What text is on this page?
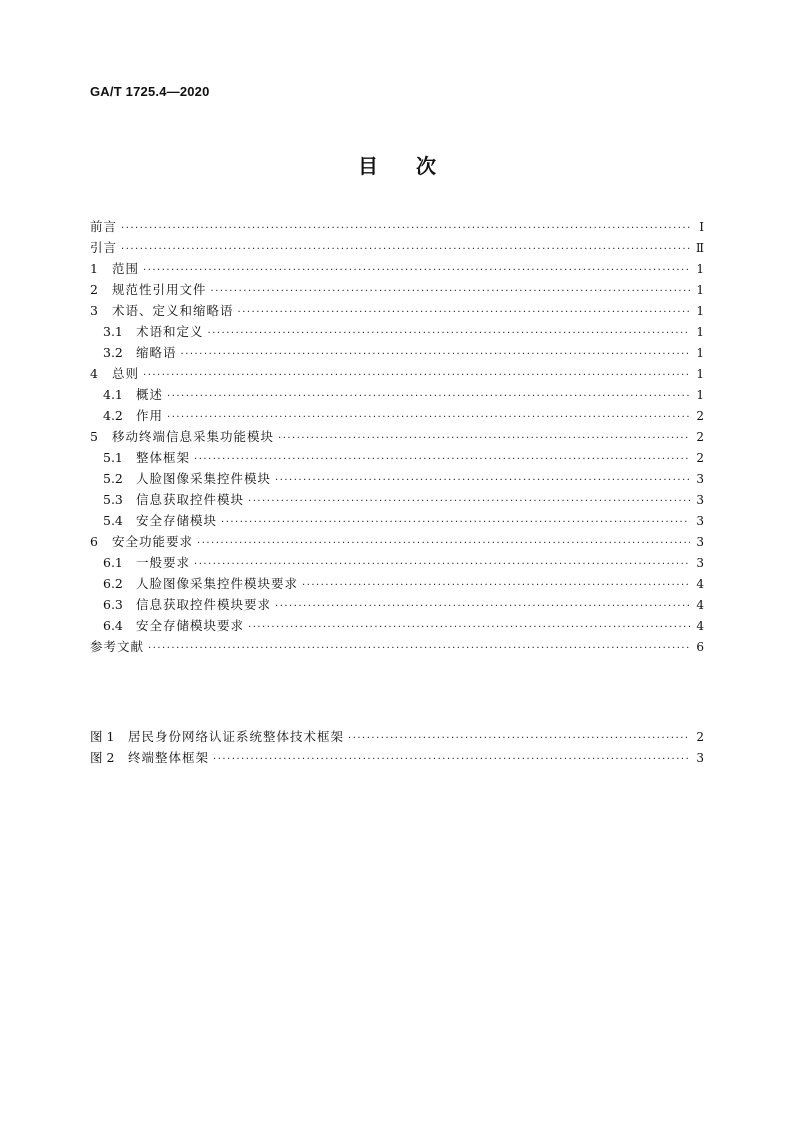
GA/T 1725.4—2020
目次
前言 ·····	Ⅰ
引言 ·····	Ⅱ
1	范围 ·····	1
2	规范性引用文件 ·····	1
3	术语、定义和缩略语 ·····	1
3.1	术语和定义 ·····	1
3.2	缩略语 ·····	1
4	总则 ·····	1
4.1	概述 ·····	1
4.2	作用 ·····	2
5	移动终端信息采集功能模块 ·····	2
5.1	整体框架 ·····	2
5.2	人脸图像采集控件模块 ·····	3
5.3	信息获取控件模块 ·····	3
5.4	安全存储模块 ·····	3
6	安全功能要求 ·····	3
6.1	一般要求 ·····	3
6.2	人脸图像采集控件模块要求 ·····	4
6.3	信息获取控件模块要求 ·····	4
6.4	安全存储模块要求 ·····	4
参考文献 ·····	6
图 1	居民身份网络认证系统整体技术框架 ·····	2
图 2	终端整体框架 ·····	3
